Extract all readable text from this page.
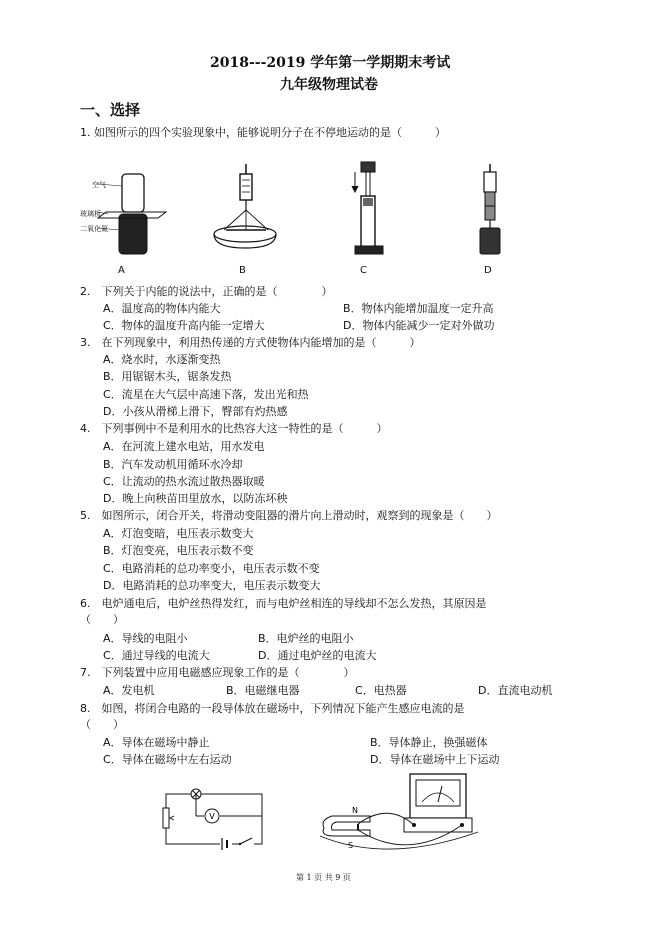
2018---2019 学年第一学期期末考试
九年级物理试卷
一、选择
1. 如图所示的四个实验现象中，能够说明分子在不停地运动的是（　　　）
空气
玻璃板
二氧化氮
A	B	C	D
2.　下列关于内能的说法中，正确的是（　　　　）
A．温度高的物体内能大	B．物体内能增加温度一定升高
C．物体的温度升高内能一定增大	D．物体内能减少一定对外做功
3.　在下列现象中，利用热传递的方式使物体内能增加的是（　　　）
A．烧水时，水逐渐变热
B．用锯锯木头，锯条发热
C．流星在大气层中高速下落，发出光和热
D．小孩从滑梯上滑下，臀部有灼热感
4.　下列事例中不是利用水的比热容大这一特性的是（　　　）
A．在河流上建水电站，用水发电
B．汽车发动机用循环水冷却
C．让流动的热水流过散热器取暖
D．晚上向秧苗田里放水，以防冻坏秧
5.　如图所示，闭合开关，将滑动变阻器的滑片向上滑动时，观察到的现象是（　　）
A．灯泡变暗，电压表示数变大
B．灯泡变亮，电压表示数不变
C．电路消耗的总功率变小，电压表示数不变
D．电路消耗的总功率变大，电压表示数变大
6.　电炉通电后，电炉丝热得发红，而与电炉丝相连的导线却不怎么发热，其原因是
（　　）
A．导线的电阻小	B．电炉丝的电阻小
C．通过导线的电流大	D．通过电炉丝的电流大
7.　下列装置中应用电磁感应现象工作的是（　　　　）
A．发电机	B．电磁继电器	C．电热器	D．直流电动机
8.　如图，将闭合电路的一段导体放在磁场中，下列情况下能产生感应电流的是
（　　）
A．导体在磁场中静止	B．导体静止，换强磁体
C．导体在磁场中左右运动	D．导体在磁场中上下运动
V
N
S
第 1 页 共 9 页
